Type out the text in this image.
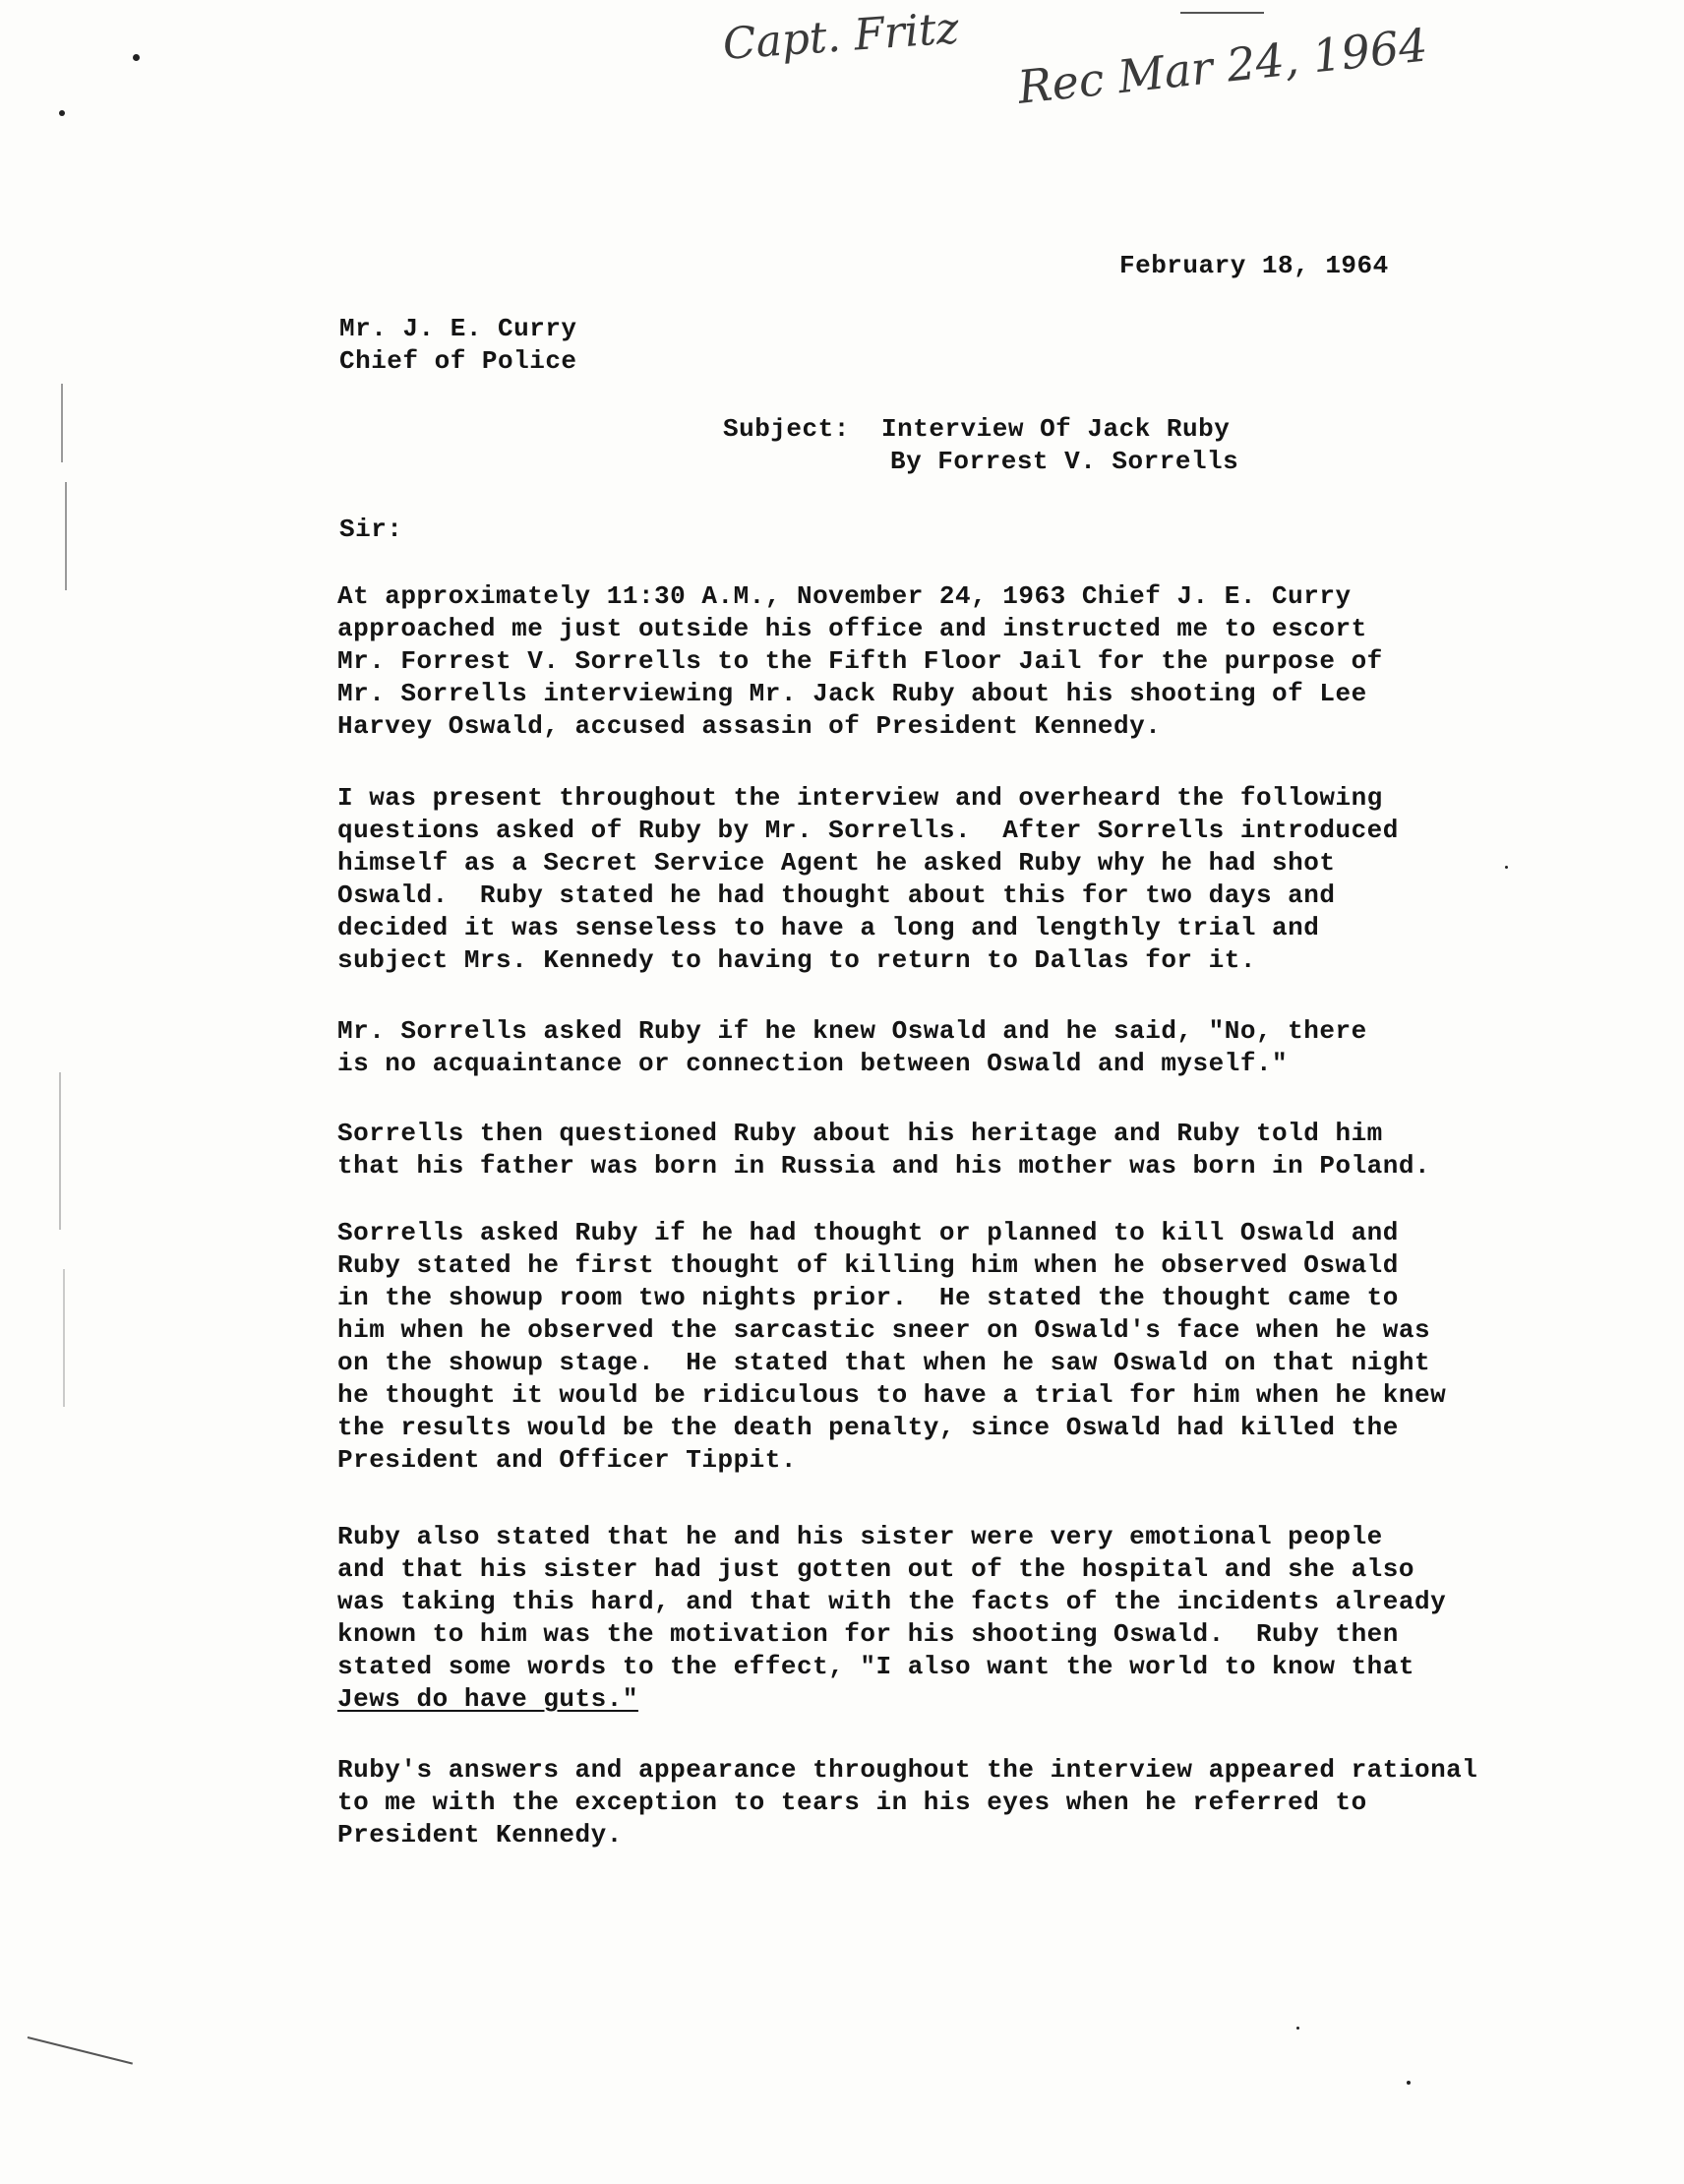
Capt. Fritz Rec Mar 24, 1964
February 18, 1964
Mr. J. E. Curry
Chief of Police
Subject: Interview Of Jack Ruby
By Forrest V. Sorrells
Sir:
At approximately 11:30 A.M., November 24, 1963 Chief J. E. Curry
approached me just outside his office and instructed me to escort
Mr. Forrest V. Sorrells to the Fifth Floor Jail for the purpose of
Mr. Sorrells interviewing Mr. Jack Ruby about his shooting of Lee
Harvey Oswald, accused assasin of President Kennedy.
I was present throughout the interview and overheard the following
questions asked of Ruby by Mr. Sorrells.  After Sorrells introduced
himself as a Secret Service Agent he asked Ruby why he had shot
Oswald.  Ruby stated he had thought about this for two days and
decided it was senseless to have a long and lengthly trial and
subject Mrs. Kennedy to having to return to Dallas for it.
Mr. Sorrells asked Ruby if he knew Oswald and he said, "No, there
is no acquaintance or connection between Oswald and myself."
Sorrells then questioned Ruby about his heritage and Ruby told him
that his father was born in Russia and his mother was born in Poland.
Sorrells asked Ruby if he had thought or planned to kill Oswald and
Ruby stated he first thought of killing him when he observed Oswald
in the showup room two nights prior.  He stated the thought came to
him when he observed the sarcastic sneer on Oswald's face when he was
on the showup stage.  He stated that when he saw Oswald on that night
he thought it would be ridiculous to have a trial for him when he knew
the results would be the death penalty, since Oswald had killed the
President and Officer Tippit.
Ruby also stated that he and his sister were very emotional people
and that his sister had just gotten out of the hospital and she also
was taking this hard, and that with the facts of the incidents already
known to him was the motivation for his shooting Oswald.  Ruby then
stated some words to the effect, "I also want the world to know that
Jews do have guts."
Ruby's answers and appearance throughout the interview appeared rational
to me with the exception to tears in his eyes when he referred to
President Kennedy.
